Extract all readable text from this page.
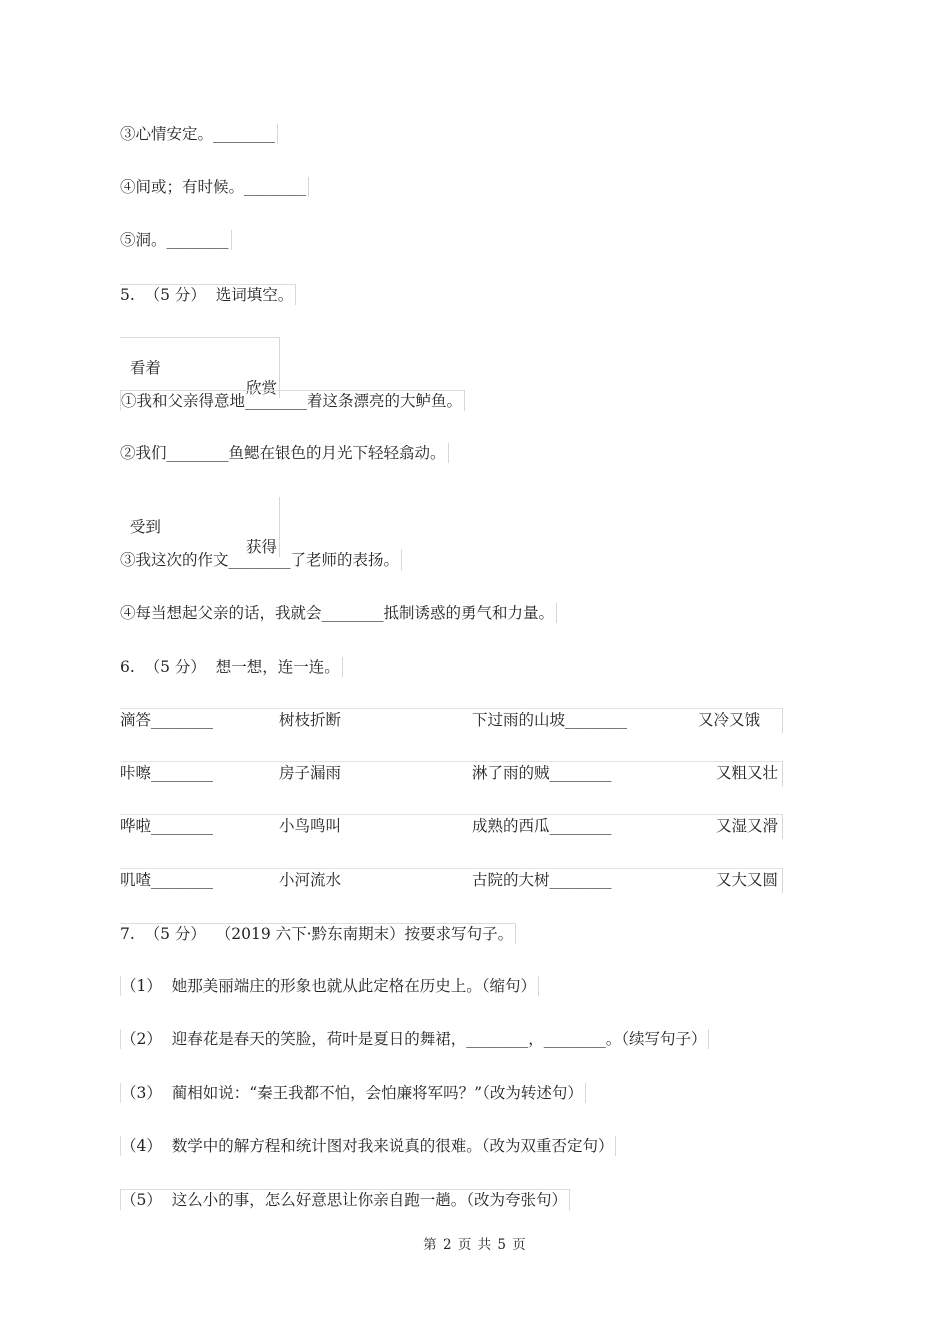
③心情安定。________
④间或；有时候。________
⑤洞。________
5.  （5 分）  选词填空。

看着

欣赏

①我和父亲得意地________着这条漂亮的大鲈鱼。
②我们________鱼鳃在银色的月光下轻轻翕动。

受到

获得

③我这次的作文________了老师的表扬。
④每当想起父亲的话，我就会________抵制诱惑的勇气和力量。
6.  （5 分）  想一想，连一连。
滴答________	树枝折断	下过雨的山坡________	又冷又饿
咔嚓________	房子漏雨	淋了雨的贼________	又粗又壮
哗啦________	小鸟鸣叫	成熟的西瓜________	又湿又滑
叽喳________	小河流水	古院的大树________	又大又圆
7.  （5 分）  （2019 六下·黔东南期末）按要求写句子。
（1）  她那美丽端庄的形象也就从此定格在历史上。（缩句）
（2）  迎春花是春天的笑脸，荷叶是夏日的舞裙，________，________。（续写句子）
（3）  蔺相如说：“秦王我都不怕，会怕廉将军吗？”（改为转述句）
（4）  数学中的解方程和统计图对我来说真的很难。（改为双重否定句）
（5）  这么小的事，怎么好意思让你亲自跑一趟。（改为夸张句）
第 2 页 共 5 页
